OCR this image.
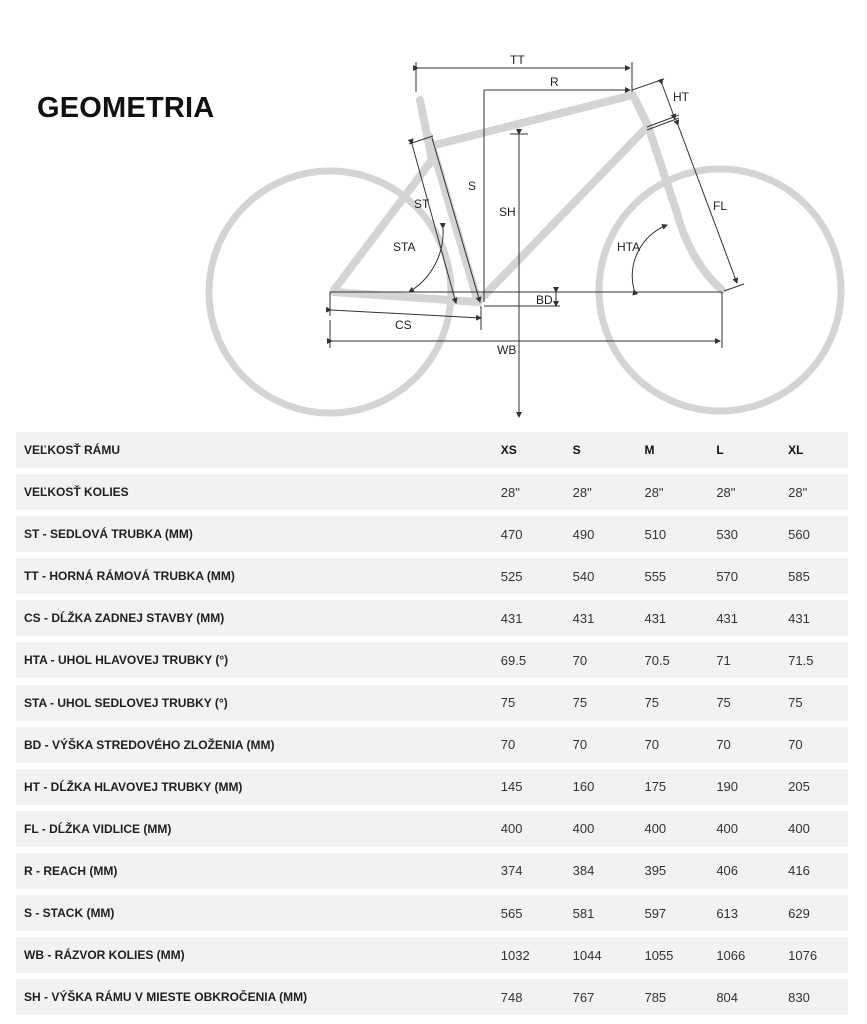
GEOMETRIA
TT
R
HT
S
ST
SH
STA
FL
HTA
BD
CS
WB
VEĽKOSŤ RÁMU	XS	S	M	L	XL
VEĽKOSŤ KOLIES	28"	28"	28"	28"	28"
ST - SEDLOVÁ TRUBKA (MM)	470	490	510	530	560
TT - HORNÁ RÁMOVÁ TRUBKA (MM)	525	540	555	570	585
CS - DĹŽKA ZADNEJ STAVBY (MM)	431	431	431	431	431
HTA - UHOL HLAVOVEJ TRUBKY (°)	69.5	70	70.5	71	71.5
STA - UHOL SEDLOVEJ TRUBKY (°)	75	75	75	75	75
BD - VÝŠKA STREDOVÉHO ZLOŽENIA (MM)	70	70	70	70	70
HT - DĹŽKA HLAVOVEJ TRUBKY (MM)	145	160	175	190	205
FL - DĹŽKA VIDLICE (MM)	400	400	400	400	400
R - REACH (MM)	374	384	395	406	416
S - STACK (MM)	565	581	597	613	629
WB - RÁZVOR KOLIES (MM)	1032	1044	1055	1066	1076
SH - VÝŠKA RÁMU V MIESTE OBKROČENIA (MM)	748	767	785	804	830
